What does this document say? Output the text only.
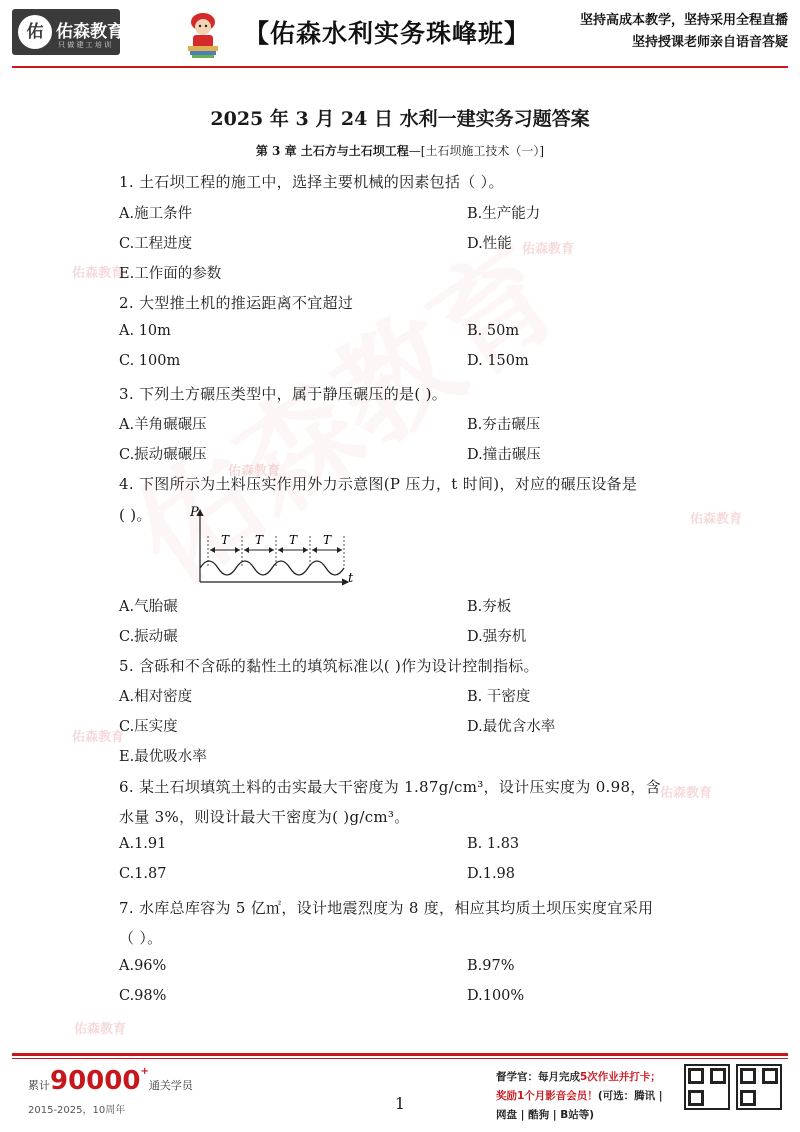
佑 佑森教育
只 做 建 工 培 训	【佑森水利实务珠峰班】	坚持高成本教学，坚持采用全程直播
坚持授课老师亲自语音答疑
佑森教育
佑森教育
佑森教育
佑森教育
佑森教育
佑森教育
佑森教育
2025 年 3 月 24 日 水利一建实务习题答案
第 3 章 土石方与土石坝工程—[土石坝施工技术（一）]
1. 土石坝工程的施工中，选择主要机械的因素包括（ ）。
A.施工条件	B.生产能力
C.工程进度	D.性能
E.工作面的参数
2. 大型推土机的推运距离不宜超过
A. 10m	B. 50m
C. 100m	D. 150m
3. 下列土方碾压类型中，属于静压碾压的是( )。
A.羊角碾碾压	B.夯击碾压
C.振动碾碾压	D.撞击碾压
4. 下图所示为土料压实作用外力示意图(P 压力，t 时间)，对应的碾压设备是
( )。	P
t
T T T T
A.气胎碾	B.夯板
C.振动碾	D.强夯机
5. 含砾和不含砾的黏性土的填筑标准以( )作为设计控制指标。
A.相对密度	B. 干密度
C.压实度	D.最优含水率
E.最优吸水率
6. 某土石坝填筑土料的击实最大干密度为 1.87g/cm³，设计压实度为 0.98，含
水量 3%，则设计最大干密度为( )g/cm³。
A.1.91	B. 1.83
C.1.87	D.1.98
7. 水库总库容为 5 亿㎡，设计地震烈度为 8 度，相应其均质土坝压实度宜采用
（ ）。
A.96%	B.97%
C.98%	D.100%
累计90000+通关学员
2015-2025，10周年	1
督学官：每月完成5次作业并打卡；
奖励1个月影音会员！(可选：腾讯 |
网盘 | 酷狗 | B站等)
